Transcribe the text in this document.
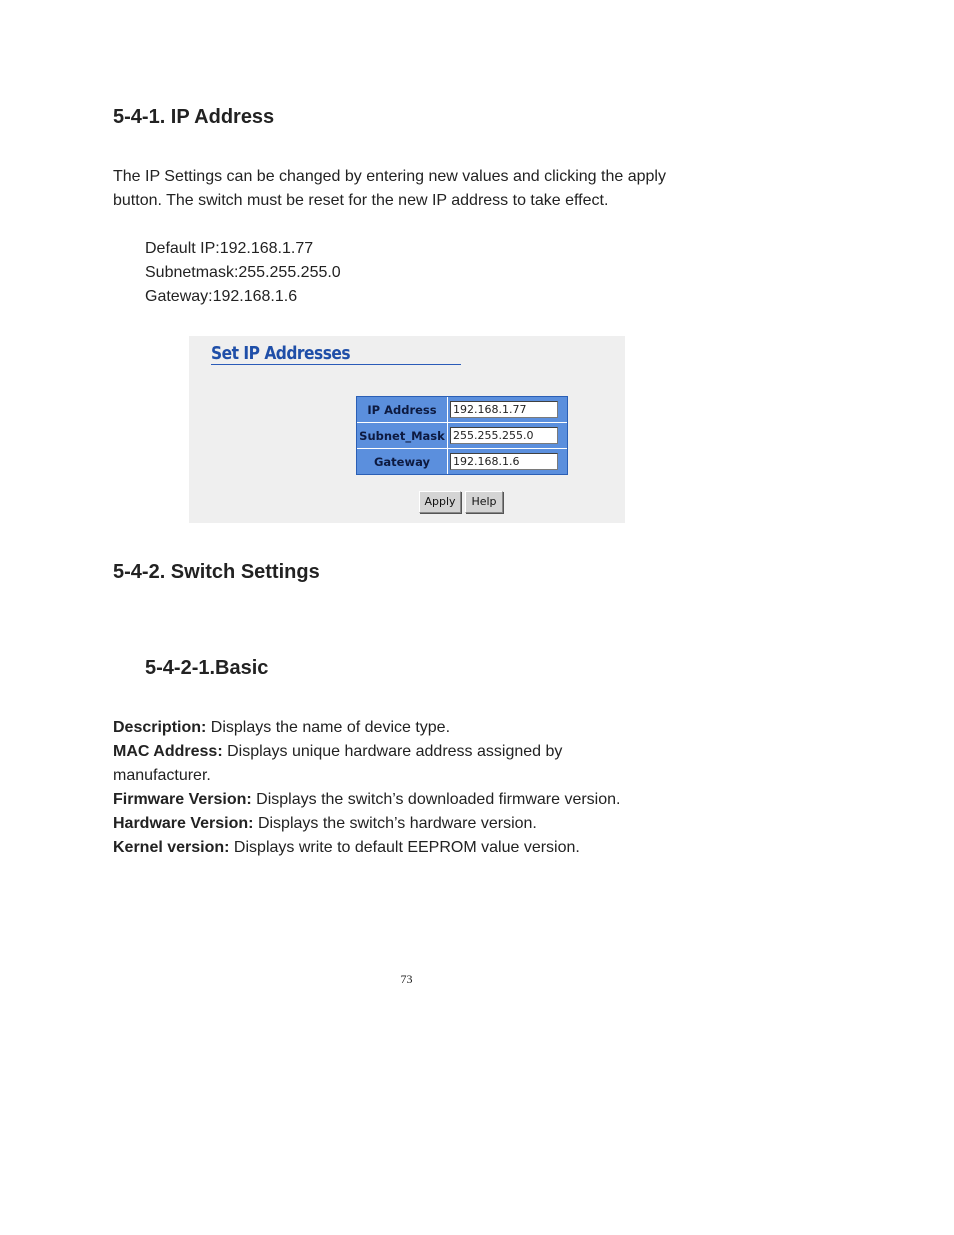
5-4-1. IP Address
The IP Settings can be changed by entering new values and clicking the apply
button. The switch must be reset for the new IP address to take effect.
Default IP:192.168.1.77
Subnetmask:255.255.255.0
Gateway:192.168.1.6
Set IP Addresses
IP Address	192.168.1.77
Subnet_Mask 255.255.255.0
Gateway	192.168.1.6
Apply	Help
5-4-2. Switch Settings
5-4-2-1.Basic
Description: Displays the name of device type.
MAC Address: Displays unique hardware address assigned by
manufacturer.
Firmware Version: Displays the switch’s downloaded firmware version.
Hardware Version: Displays the switch’s hardware version.
Kernel version: Displays write to default EEPROM value version.
73
